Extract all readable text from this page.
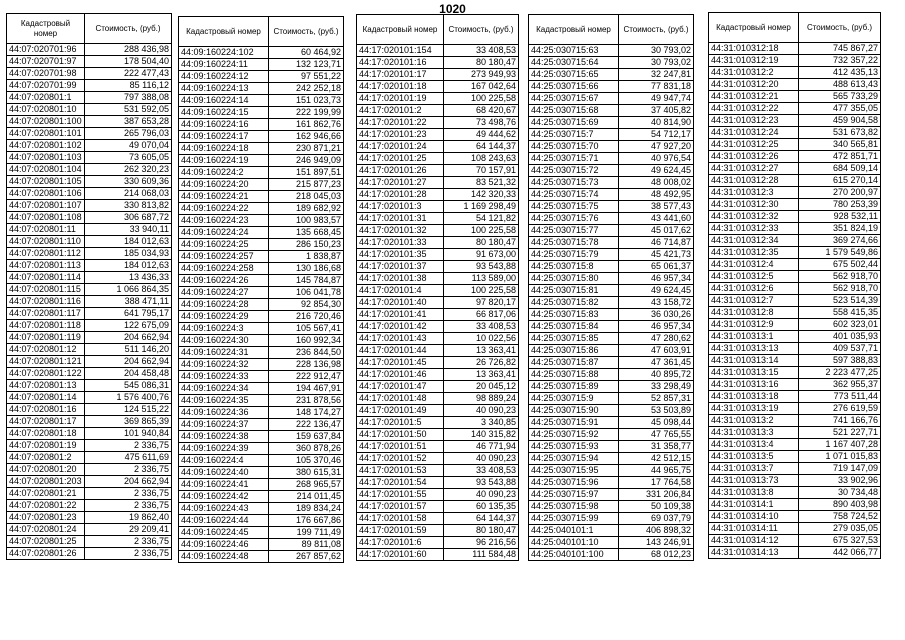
1020
Кадастровый номер	Стоимость, (руб.)
44:07:020701:96	288 436,98
44:07:020701:97	178 504,40
44:07:020701:98	222 477,43
44:07:020701:99	85 116,12
44:07:020801:1	797 388,08
44:07:020801:10	531 592,05
44:07:020801:100	387 653,28
44:07:020801:101	265 796,03
44:07:020801:102	49 070,04
44:07:020801:103	73 605,05
44:07:020801:104	262 320,23
44:07:020801:105	330 609,36
44:07:020801:106	214 068,03
44:07:020801:107	330 813,82
44:07:020801:108	306 687,72
44:07:020801:11	33 940,11
44:07:020801:110	184 012,63
44:07:020801:112	185 034,93
44:07:020801:113	184 012,63
44:07:020801:114	13 436,33
44:07:020801:115	1 066 864,35
44:07:020801:116	388 471,11
44:07:020801:117	641 795,17
44:07:020801:118	122 675,09
44:07:020801:119	204 662,94
44:07:020801:12	511 146,20
44:07:020801:121	204 662,94
44:07:020801:122	204 458,48
44:07:020801:13	545 086,31
44:07:020801:14	1 576 400,76
44:07:020801:16	124 515,22
44:07:020801:17	369 865,39
44:07:020801:18	101 940,84
44:07:020801:19	2 336,75
44:07:020801:2	475 611,69
44:07:020801:20	2 336,75
44:07:020801:203	204 662,94
44:07:020801:21	2 336,75
44:07:020801:22	2 336,75
44:07:020801:23	19 862,40
44:07:020801:24	29 209,41
44:07:020801:25	2 336,75
44:07:020801:26	2 336,75
Кадастровый номер	Стоимость, (руб.)
44:09:160224:102	60 464,92
44:09:160224:11	132 123,71
44:09:160224:12	97 551,22
44:09:160224:13	242 252,18
44:09:160224:14	151 023,73
44:09:160224:15	222 199,99
44:09:160224:16	161 862,76
44:09:160224:17	162 946,66
44:09:160224:18	230 871,21
44:09:160224:19	246 949,09
44:09:160224:2	151 897,51
44:09:160224:20	215 877,23
44:09:160224:21	218 045,03
44:09:160224:22	189 682,92
44:09:160224:23	100 983,57
44:09:160224:24	135 668,45
44:09:160224:25	286 150,23
44:09:160224:257	1 838,87
44:09:160224:258	130 186,68
44:09:160224:26	145 784,87
44:09:160224:27	106 041,78
44:09:160224:28	92 854,30
44:09:160224:29	216 720,46
44:09:160224:3	105 567,41
44:09:160224:30	160 992,34
44:09:160224:31	236 844,50
44:09:160224:32	228 136,98
44:09:160224:33	222 912,47
44:09:160224:34	194 467,91
44:09:160224:35	231 878,56
44:09:160224:36	148 174,27
44:09:160224:37	222 136,47
44:09:160224:38	159 637,84
44:09:160224:39	360 878,26
44:09:160224:4	105 370,46
44:09:160224:40	380 615,31
44:09:160224:41	268 965,57
44:09:160224:42	214 011,45
44:09:160224:43	189 834,24
44:09:160224:44	176 667,86
44:09:160224:45	199 711,49
44:09:160224:46	89 811,08
44:09:160224:48	267 857,62
Кадастровый номер	Стоимость, (руб.)
44:17:020101:154	33 408,53
44:17:020101:16	80 180,47
44:17:020101:17	273 949,93
44:17:020101:18	167 042,64
44:17:020101:19	100 225,58
44:17:020101:2	68 420,67
44:17:020101:22	73 498,76
44:17:020101:23	49 444,62
44:17:020101:24	64 144,37
44:17:020101:25	108 243,63
44:17:020101:26	70 157,91
44:17:020101:27	83 521,32
44:17:020101:28	142 320,33
44:17:020101:3	1 169 298,49
44:17:020101:31	54 121,82
44:17:020101:32	100 225,58
44:17:020101:33	80 180,47
44:17:020101:35	91 673,00
44:17:020101:37	93 543,88
44:17:020101:38	113 589,00
44:17:020101:4	100 225,58
44:17:020101:40	97 820,17
44:17:020101:41	66 817,06
44:17:020101:42	33 408,53
44:17:020101:43	10 022,56
44:17:020101:44	13 363,41
44:17:020101:45	26 726,82
44:17:020101:46	13 363,41
44:17:020101:47	20 045,12
44:17:020101:48	98 889,24
44:17:020101:49	40 090,23
44:17:020101:5	3 340,85
44:17:020101:50	140 315,82
44:17:020101:51	46 771,94
44:17:020101:52	40 090,23
44:17:020101:53	33 408,53
44:17:020101:54	93 543,88
44:17:020101:55	40 090,23
44:17:020101:57	60 135,35
44:17:020101:58	64 144,37
44:17:020101:59	80 180,47
44:17:020101:6	96 216,56
44:17:020101:60	111 584,48
Кадастровый номер	Стоимость, (руб.)
44:25:030715:63	30 793,02
44:25:030715:64	30 793,02
44:25:030715:65	32 247,81
44:25:030715:66	77 831,18
44:25:030715:67	49 947,74
44:25:030715:68	37 405,82
44:25:030715:69	40 814,90
44:25:030715:7	54 712,17
44:25:030715:70	47 927,20
44:25:030715:71	40 976,54
44:25:030715:72	49 624,45
44:25:030715:73	48 008,02
44:25:030715:74	48 492,95
44:25:030715:75	38 577,43
44:25:030715:76	43 441,60
44:25:030715:77	45 017,62
44:25:030715:78	46 714,87
44:25:030715:79	45 421,73
44:25:030715:8	65 061,37
44:25:030715:80	46 957,34
44:25:030715:81	49 624,45
44:25:030715:82	43 158,72
44:25:030715:83	36 030,26
44:25:030715:84	46 957,34
44:25:030715:85	47 280,62
44:25:030715:86	47 603,91
44:25:030715:87	47 361,45
44:25:030715:88	40 895,72
44:25:030715:89	33 298,49
44:25:030715:9	52 857,31
44:25:030715:90	53 503,89
44:25:030715:91	45 098,44
44:25:030715:92	47 765,55
44:25:030715:93	31 358,77
44:25:030715:94	42 512,15
44:25:030715:95	44 965,75
44:25:030715:96	17 764,58
44:25:030715:97	331 206,84
44:25:030715:98	50 109,38
44:25:030715:99	69 037,79
44:25:040101:1	406 898,32
44:25:040101:10	143 246,91
44:25:040101:100	68 012,23
Кадастровый номер	Стоимость, (руб.)
44:31:010312:18	745 867,27
44:31:010312:19	732 357,22
44:31:010312:2	412 435,13
44:31:010312:20	488 613,43
44:31:010312:21	565 733,29
44:31:010312:22	477 355,05
44:31:010312:23	459 904,58
44:31:010312:24	531 673,82
44:31:010312:25	340 565,81
44:31:010312:26	472 851,71
44:31:010312:27	684 509,14
44:31:010312:28	615 270,14
44:31:010312:3	270 200,97
44:31:010312:30	780 253,39
44:31:010312:32	928 532,11
44:31:010312:33	351 824,19
44:31:010312:34	369 274,66
44:31:010312:35	1 579 549,86
44:31:010312:4	675 502,44
44:31:010312:5	562 918,70
44:31:010312:6	562 918,70
44:31:010312:7	523 514,39
44:31:010312:8	558 415,35
44:31:010312:9	602 323,01
44:31:010313:1	401 035,93
44:31:010313:13	409 537,71
44:31:010313:14	597 388,83
44:31:010313:15	2 223 477,25
44:31:010313:16	362 955,37
44:31:010313:18	773 511,44
44:31:010313:19	276 619,59
44:31:010313:2	741 166,76
44:31:010313:3	521 227,71
44:31:010313:4	1 167 407,28
44:31:010313:5	1 071 015,83
44:31:010313:7	719 147,09
44:31:010313:73	33 902,96
44:31:010313:8	30 734,48
44:31:010314:1	890 403,98
44:31:010314:10	758 724,52
44:31:010314:11	279 035,05
44:31:010314:12	675 327,53
44:31:010314:13	442 066,77
